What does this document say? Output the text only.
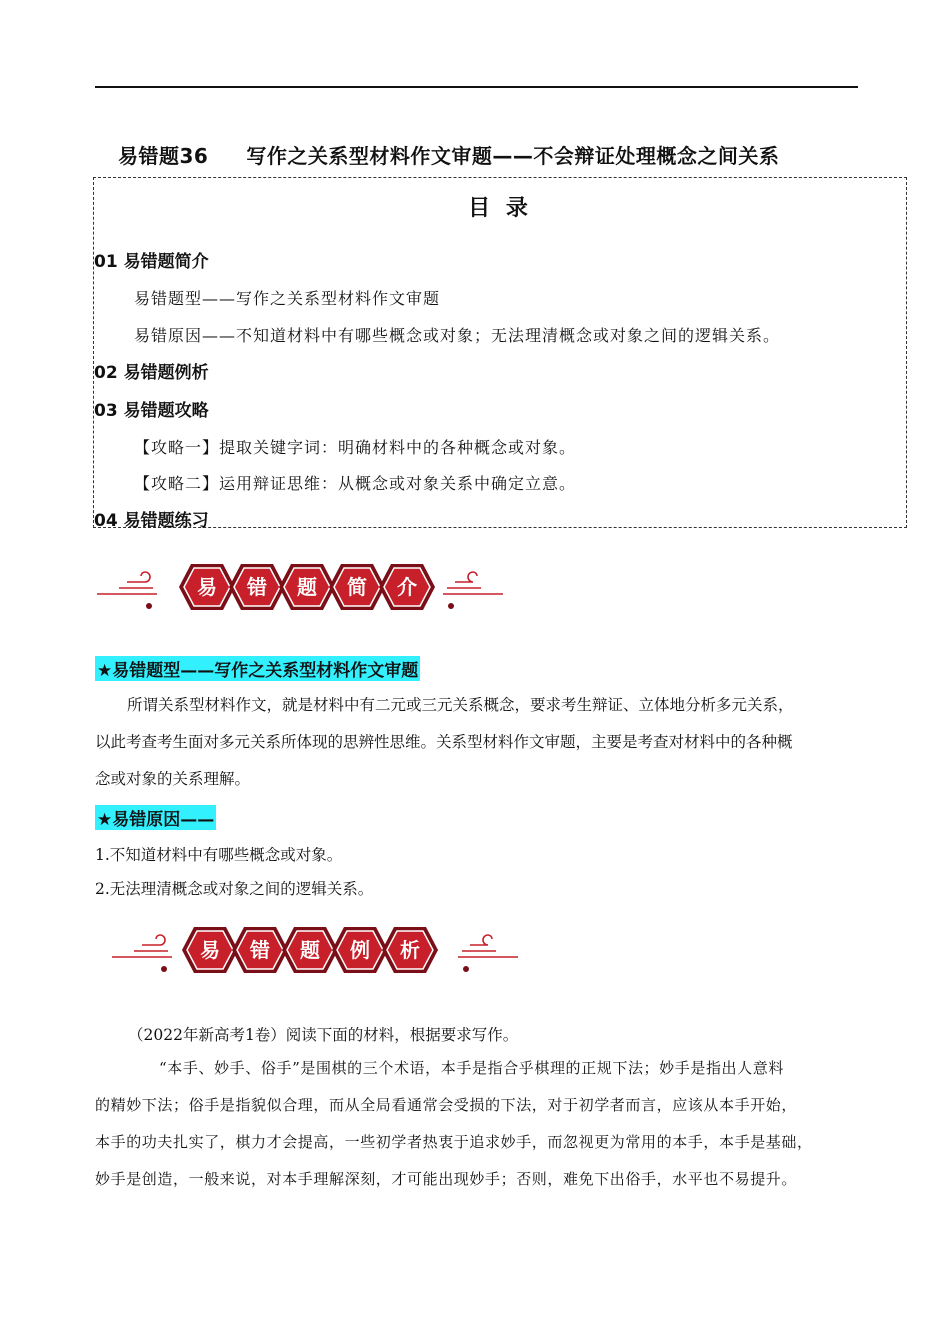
易错题36 写作之关系型材料作文审题——不会辩证处理概念之间关系
目 录
01 易错题简介
易错题型——写作之关系型材料作文审题
易错原因——不知道材料中有哪些概念或对象；无法理清概念或对象之间的逻辑关系。
02 易错题例析
03 易错题攻略
【攻略一】提取关键字词：明确材料中的各种概念或对象。
【攻略二】运用辩证思维：从概念或对象关系中确定立意。
04 易错题练习
易 错 题 简 介
★易错题型——写作之关系型材料作文审题

所谓关系型材料作文，就是材料中有二元或三元关系概念，要求考生辩证、立体地分析多元关系，

以此考查考生面对多元关系所体现的思辨性思维。关系型材料作文审题，主要是考查对材料中的各种概

念或对象的关系理解。

★易错原因——
1.不知道材料中有哪些概念或对象。
2.无法理清概念或对象之间的逻辑关系。
易 错 题 例 析
（2022年新高考1卷）阅读下面的材料，根据要求写作。

“本手、妙手、俗手”是围棋的三个术语，本手是指合乎棋理的正规下法；妙手是指出人意料

的精妙下法；俗手是指貌似合理，而从全局看通常会受损的下法，对于初学者而言，应该从本手开始，

本手的功夫扎实了，棋力才会提高，一些初学者热衷于追求妙手，而忽视更为常用的本手，本手是基础，

妙手是创造，一般来说，对本手理解深刻，才可能出现妙手；否则，难免下出俗手，水平也不易提升。
